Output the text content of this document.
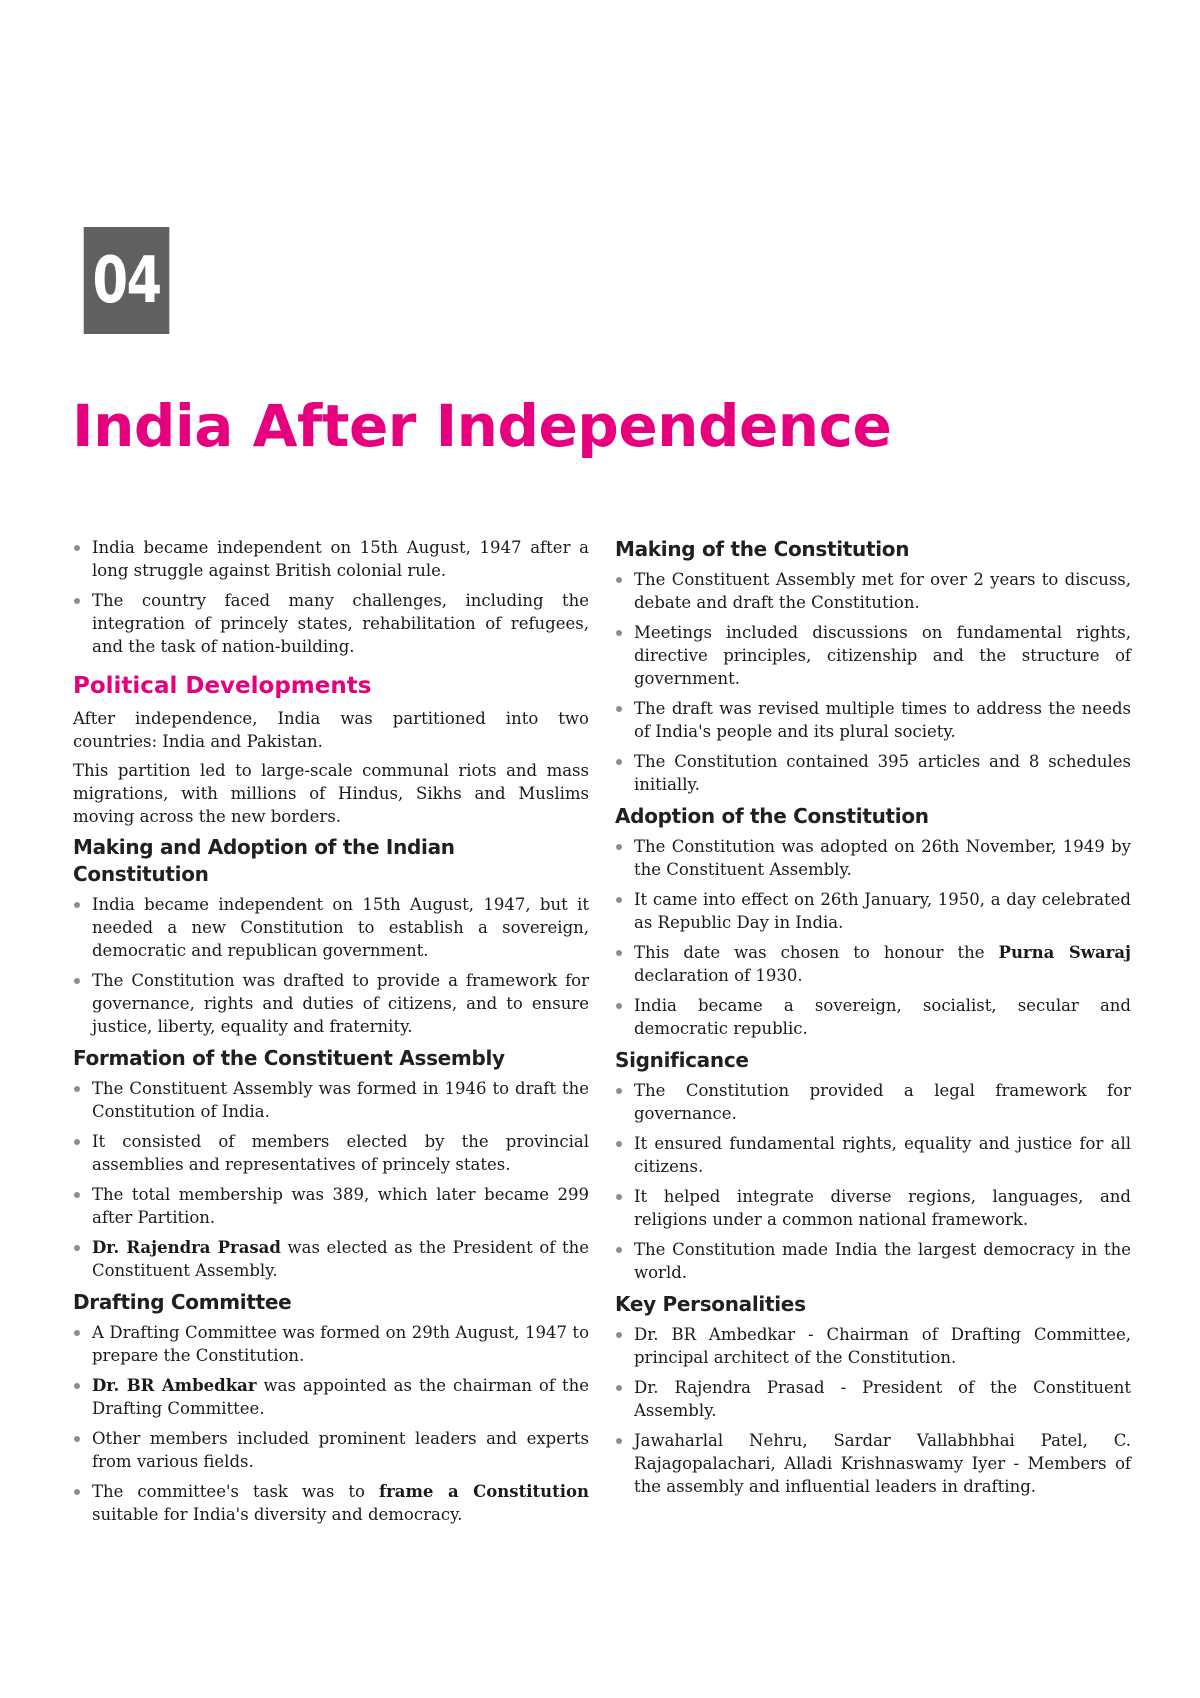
04
India After Independence
India became independent on 15th August, 1947 after a long struggle against British colonial rule.
The country faced many challenges, including the integration of princely states, rehabilitation of refugees, and the task of nation-building.
Political Developments

After independence, India was partitioned into two countries: India and Pakistan.

This partition led to large-scale communal riots and mass migrations, with millions of Hindus, Sikhs and Muslims moving across the new borders.

Making and Adoption of the Indian Constitution
India became independent on 15th August, 1947, but it needed a new Constitution to establish a sovereign, democratic and republican government.
The Constitution was drafted to provide a framework for governance, rights and duties of citizens, and to ensure justice, liberty, equality and fraternity.
Formation of the Constituent Assembly
The Constituent Assembly was formed in 1946 to draft the Constitution of India.
It consisted of members elected by the provincial assemblies and representatives of princely states.
The total membership was 389, which later became 299 after Partition.
Dr. Rajendra Prasad was elected as the President of the Constituent Assembly.
Drafting Committee
A Drafting Committee was formed on 29th August, 1947 to prepare the Constitution.
Dr. BR Ambedkar was appointed as the chairman of the Drafting Committee.
Other members included prominent leaders and experts from various fields.
The committee's task was to frame a Constitution suitable for India's diversity and democracy.
Making of the Constitution
The Constituent Assembly met for over 2 years to discuss, debate and draft the Constitution.
Meetings included discussions on fundamental rights, directive principles, citizenship and the structure of government.
The draft was revised multiple times to address the needs of India's people and its plural society.
The Constitution contained 395 articles and 8 schedules initially.
Adoption of the Constitution
The Constitution was adopted on 26th November, 1949 by the Constituent Assembly.
It came into effect on 26th January, 1950, a day celebrated as Republic Day in India.
This date was chosen to honour the Purna Swaraj declaration of 1930.
India became a sovereign, socialist, secular and democratic republic.
Significance
The Constitution provided a legal framework for governance.
It ensured fundamental rights, equality and justice for all citizens.
It helped integrate diverse regions, languages, and religions under a common national framework.
The Constitution made India the largest democracy in the world.
Key Personalities
Dr. BR Ambedkar - Chairman of Drafting Committee, principal architect of the Constitution.
Dr. Rajendra Prasad - President of the Constituent Assembly.
Jawaharlal Nehru, Sardar Vallabhbhai Patel, C. Rajagopalachari, Alladi Krishnaswamy Iyer - Members of the assembly and influential leaders in drafting.
